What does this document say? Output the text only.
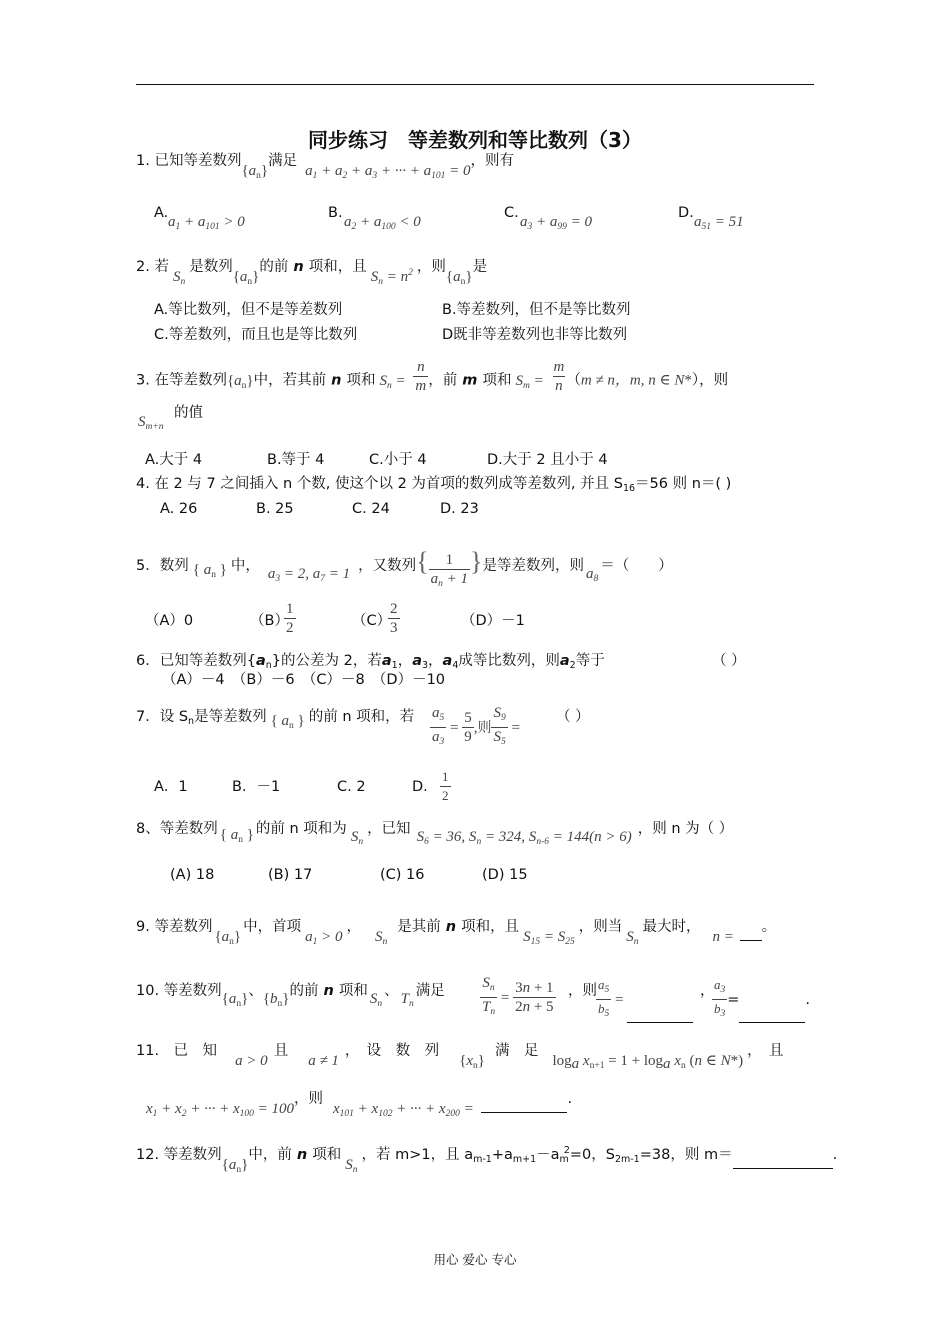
同步练习　等差数列和等比数列（3）
1. 已知等差数列$\{a_n\}$满足$a_1 + a_2 + a_3$ + ··· + $a_{101} = 0$，则有
A.
$a_1 + a_{101} > 0$
B.
$a_2 + a_{100} < 0$
C.
$a_3 + a_{99} = 0$
D.
$a_{51} = 51$
2. 若$S_n$是数列$\{a_n\}$的前 n 项和，且$S_n = n^2$ ，则$\{a_n\}$是
A.等比数列，但不是等差数列	B.等差数列，但不是等比数列
C.等差数列，而且也是等比数列	D既非等差数列也非等比数列
3. 在等差数列$\{a_n\}$中，若其前 n 项和 $S_n = \frac{n}{m}$ ，前 m 项和 $S_m = \frac{m}{n} (m \ne n$，m, n ∈ N*），则
$S_{m+n}$
的值
A.大于 4	B.等于 4	C.小于 4	D.大于 2 且小于 4
4. 在 2 与 7 之间插入 n 个数, 使这个以 2 为首项的数列成等差数列, 并且 $S_{16}=56$ 则 n＝( )
A. 26	B. 25	C. 24	D. 23
5．数列 { $a_n$ } 中， $a_3 = 2$, $a_7 = 1$ ，又数列{ $\frac{1}{a_n + 1}$ }是等差数列，则 $a_8=$（　　）
（A）0	（B）
$\frac{1}{2}$	（C）
$\frac{2}{3}$	（D）－1
6．已知等差数列$\{a_n\}$的公差为 2，若$a_1$，$a_3$，$a_4$成等比数列，则$a_2$等于	（ ）
（A）－4　（B）－6　（C）－8　（D）－10
7．设 $S_n$是等差数列 { $a_n$ } 的前 n 项和，若 $\frac{a_5}{a_3} = \frac{5}{9}$ ,则 $\frac{S_9}{S_5}$ =
（ ）
A．1	B．－1	C. 2	D. $\frac{1}{2}$
8、等差数列 { $a_n$ } 的前 n 项和为 $S_n$，已知 $S_6 = 36$, $S_n = 324$, $S_{n-6} = 144(n > 6)$ ，则 n 为（ ）
(A) 18	(B) 17	(C) 16	(D) 15
9. 等差数列$\{a_n\}$中，首项$a_1 > 0$，$S_n$是其前 n 项和，且$S_{15} = S_{25}$，则当$S_n$最大时，n = 。
10. 等差数列$\{a_n\}$、$\{b_n\}$的前 n 项和 $S_n$、 $T_n$满足 $\frac{S_n}{T_n} = \frac{3n + 1}{2n + 5}$ ，则 $\frac{a_5}{b_5}$ =
，
$\frac{a_3}{b_3}$ =	.
11.　已　知a > 0且a ≠ 1，　设　数　列$\{x_n\}$满　足$\log_a x_{n+1} = 1 + \log_a x_n$ (n ∈ N*)，　且
$x_1 + x_2$ + ··· + $x_{100} = 100$，则$x_{101} + x_{102}$ + ··· + $x_{200}$ = .
12. 等差数列$\{a_n\}$中，前 n 项和$S_n$，若 m>1，且 $a_{m-1}+a_{m+1}-a_m^2=0$，$S_{2m-1}=38$，则 m＝	.
用心 爱心 专心
